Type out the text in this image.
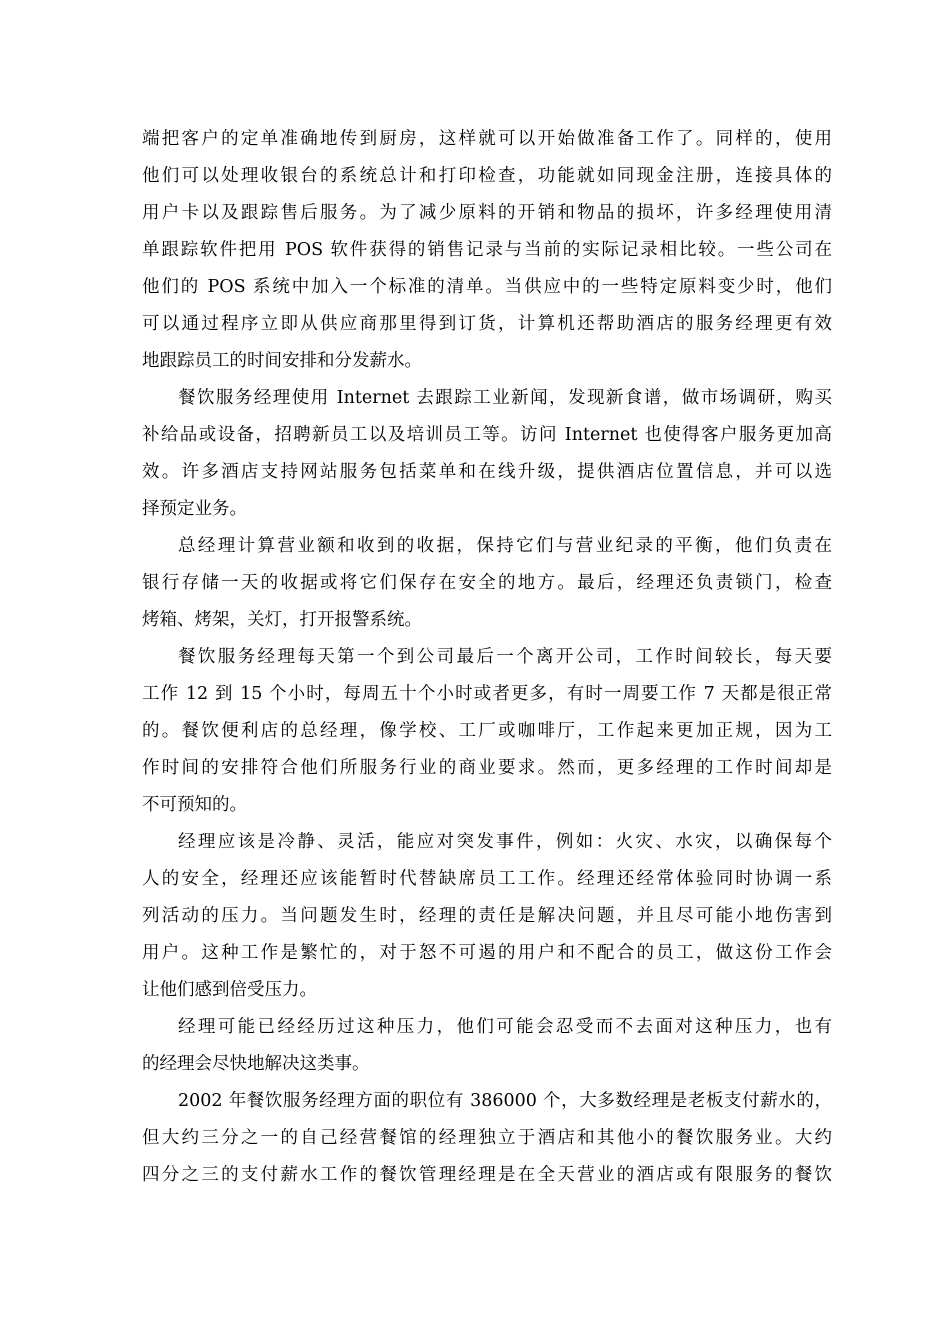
端把客户的定单准确地传到厨房，这样就可以开始做准备工作了。同样的，使用
他们可以处理收银台的系统总计和打印检查，功能就如同现金注册，连接具体的
用户卡以及跟踪售后服务。为了减少原料的开销和物品的损坏，许多经理使用清
单跟踪软件把用 POS 软件获得的销售记录与当前的实际记录相比较。一些公司在
他们的 POS 系统中加入一个标准的清单。当供应中的一些特定原料变少时，他们
可以通过程序立即从供应商那里得到订货，计算机还帮助酒店的服务经理更有效
地跟踪员工的时间安排和分发薪水。
餐饮服务经理使用 Internet 去跟踪工业新闻，发现新食谱，做市场调研，购买
补给品或设备，招聘新员工以及培训员工等。访问 Internet 也使得客户服务更加高
效。许多酒店支持网站服务包括菜单和在线升级，提供酒店位置信息，并可以选
择预定业务。
总经理计算营业额和收到的收据，保持它们与营业纪录的平衡，他们负责在
银行存储一天的收据或将它们保存在安全的地方。最后，经理还负责锁门，检查
烤箱、烤架，关灯，打开报警系统。
餐饮服务经理每天第一个到公司最后一个离开公司，工作时间较长，每天要
工作 12 到 15 个小时，每周五十个小时或者更多，有时一周要工作 7 天都是很正常
的。餐饮便利店的总经理，像学校、工厂或咖啡厅，工作起来更加正规，因为工
作时间的安排符合他们所服务行业的商业要求。然而，更多经理的工作时间却是
不可预知的。
经理应该是冷静、灵活，能应对突发事件，例如：火灾、水灾，以确保每个
人的安全，经理还应该能暂时代替缺席员工工作。经理还经常体验同时协调一系
列活动的压力。当问题发生时，经理的责任是解决问题，并且尽可能小地伤害到
用户。这种工作是繁忙的，对于怒不可遏的用户和不配合的员工，做这份工作会
让他们感到倍受压力。
经理可能已经经历过这种压力，他们可能会忍受而不去面对这种压力，也有
的经理会尽快地解决这类事。
2002 年餐饮服务经理方面的职位有 386000 个，大多数经理是老板支付薪水的，
但大约三分之一的自己经营餐馆的经理独立于酒店和其他小的餐饮服务业。大约
四分之三的支付薪水工作的餐饮管理经理是在全天营业的酒店或有限服务的餐饮
